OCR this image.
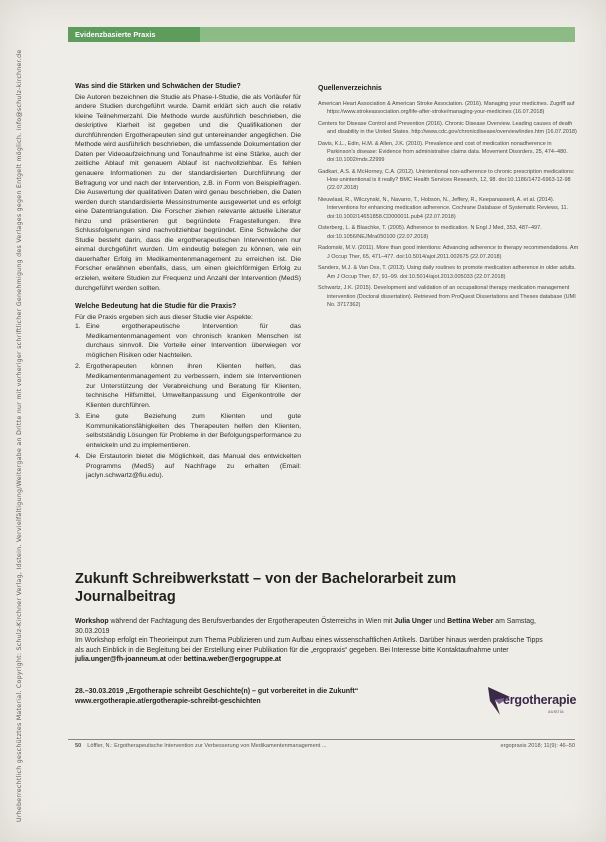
Urheberrechtlich geschütztes Material. Copyright: Schulz-Kirchner Verlag, Idstein. Vervielfältigung/Weitergabe an Dritte nur mit vorheriger schriftlicher Genehmigung des Verlages gegen Entgelt möglich. info@schulz-kirchner.de
Evidenzbasierte Praxis
Was sind die Stärken und Schwächen der Studie?

Die Autoren bezeichnen die Studie als Phase-I-Studie, die als Vorläufer für andere Studien durchgeführt wurde. Damit erklärt sich auch die relativ kleine Teilnehmerzahl. Die Methode wurde ausführlich beschrieben, die deskriptive Klarheit ist gegeben und die Qualifikationen der durchführenden Ergotherapeuten sind gut untereinander angeglichen. Die Methode wird ausführlich beschrieben, die umfassende Dokumentation der Daten per Videoaufzeichnung und Tonaufnahme ist eine Stärke, auch der zeitliche Ablauf mit genauem Ablauf ist nachvollziehbar. Es fehlen genauere Informationen zu der standardisierten Durchführung der Befragung vor und nach der Intervention, z.B. in Form von Beispielfragen. Die Auswertung der qualitativen Daten wird genau beschrieben, die Daten werden durch standardisierte Messinstrumente ausgewertet und es erfolgt eine Datentriangulation. Die Forscher ziehen relevante aktuelle Literatur hinzu und präsentieren gut begründete Fragestellungen. Ihre Schlussfolgerungen sind nachvollziehbar begründet. Eine Schwäche der Studie besteht darin, dass die ergotherapeutischen Interventionen nur einmal durchgeführt wurden. Um eindeutig belegen zu können, wie ein dauerhafter Erfolg im Medikamentenmanagement zu erreichen ist. Die Forscher erwähnen ebenfalls, dass, um einen gleichförmigen Erfolg zu erzielen, weitere Studien zur Frequenz und Anzahl der Intervention (MedS) durchgeführt werden sollten.

Welche Bedeutung hat die Studie für die Praxis?

Für die Praxis ergeben sich aus dieser Studie vier Aspekte:

1. Eine ergotherapeutische Intervention für das Medikamentenmanagement von chronisch kranken Menschen ist durchaus sinnvoll. Die Vorteile einer Intervention überwiegen vor möglichen Risiken oder Nachteilen.
2. Ergotherapeuten können ihren Klienten helfen, das Medikamentenmanagement zu verbessern, indem sie Interventionen zur Unterstützung der Verabreichung und Beratung für Klienten, technische Hilfsmittel, Umweltanpassung und Eigenkontrolle der Klienten durchführen.
3. Eine gute Beziehung zum Klienten und gute Kommunikationsfähigkeiten des Therapeuten helfen den Klienten, selbstständig Lösungen für Probleme in der Befolgungsperformance zu entwickeln und zu implementieren.
4. Die Erstautorin bietet die Möglichkeit, das Manual des entwickelten Programms (MedS) auf Nachfrage zu erhalten (Email: jaclyn.schwartz@fiu.edu).
Quellenverzeichnis

American Heart Association & American Stroke Association. (2016). Managing your medicines. Zugriff auf https://www.strokeassociation.org/life-after-stroke/managing-your-medicines (16.07.2018)

Centers for Disease Control and Prevention (2016). Chronic Disease Overview. Leading causes of death and disability in the United States. http://www.cdc.gov/chronicdisease/overview/index.htm (16.07.2018)

Davis, K.L., Edin, H.M. & Allen, J.K. (2010). Prevalence and cost of medication nonadherence in Parkinson's disease: Evidence from administrative claims data. Movement Disorders, 25, 474–480. doi:10.1002/mds.22999

Gadkari, A.S. & McHorney, C.A. (2012). Unintentional non-adherence to chronic prescription medications: How unintentional is it really? BMC Health Services Research, 12, 98. doi:10.1186/1472-6963-12-98 (22.07.2018)

Nieuwlaat, R., Wilczynski, N., Navarro, T., Hobson, N., Jeffery, R., Keepanasseril, A. et al. (2014). Interventions for enhancing medication adherence. Cochrane Database of Systematic Reviews, 11. doi:10.1002/14651858.CD000011.pub4 (22.07.2018)

Osterberg, L. & Blaschke, T. (2005). Adherence to medication. N Engl J Med, 353, 487–497. doi:10.1056/NEJMra050100 (22.07.2018)

Radomski, M.V. (2011). More than good intentions: Advancing adherence to therapy recommendations. Am J Occup Ther, 65, 471–477. doi:10.5014/ajot.2011.002675 (22.07.2018)

Sanders, M.J. & Van Oss, T. (2013). Using daily routines to promote medication adherence in older adults. Am J Occup Ther, 67, 91–99. doi:10.5014/ajot.2013.005033 (22.07.2018)

Schwartz, J.K. (2015). Development and validation of an occupational therapy medication management intervention (Doctoral dissertation). Retrieved from ProQuest Dissertations and Theses database (UMI No. 3717362)

Zukunft Schreibwerkstatt – von der Bachelorarbeit zum Journalbeitrag

Workshop während der Fachtagung des Berufsverbandes der Ergotherapeuten Österreichs in Wien mit Julia Unger und Bettina Weber am Samstag, 30.03.2019

Im Workshop erfolgt ein Theorieinput zum Thema Publizieren und zum Aufbau eines wissenschaftlichen Artikels. Darüber hinaus werden praktische Tipps als auch Einblick in die Begleitung bei der Erstellung einer Publikation für die „ergopraxis“ gegeben. Bei Interesse bitte Kontaktaufnahme unter julia.unger@fh-joanneum.at oder bettina.weber@ergogruppe.at

28.–30.03.2019 „Ergotherapie schreibt Geschichte(n) – gut vorbereitet in die Zukunft“

www.ergotherapie.at/ergotherapie-schreibt-geschichten	ergotherapie
austria
50 Löffler, N.: Ergotherapeutische Intervention zur Verbesserung von Medikamentenmanagement ...	ergopraxis 2018; 11(9): 46–50
